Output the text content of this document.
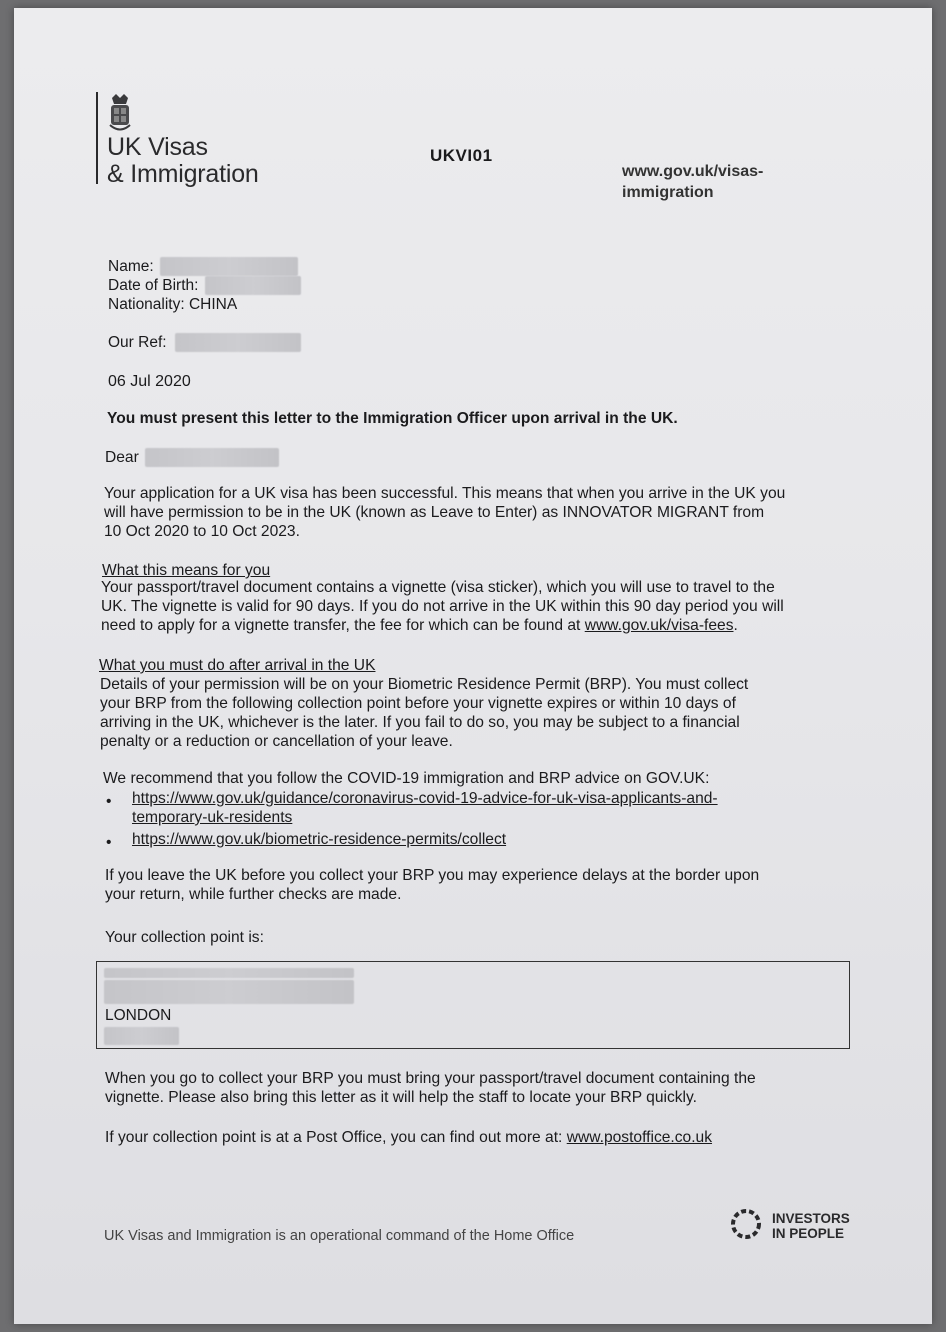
UK Visas
& Immigration
UKVI01
www.gov.uk/visas-
immigration
Name:
Date of Birth:
Nationality: CHINA
Our Ref:
06 Jul 2020
You must present this letter to the Immigration Officer upon arrival in the UK.
Dear
Your application for a UK visa has been successful. This means that when you arrive in the UK you
will have permission to be in the UK (known as Leave to Enter) as INNOVATOR MIGRANT from
10 Oct 2020 to 10 Oct 2023.
What this means for you
Your passport/travel document contains a vignette (visa sticker), which you will use to travel to the
UK. The vignette is valid for 90 days. If you do not arrive in the UK within this 90 day period you will
need to apply for a vignette transfer, the fee for which can be found at www.gov.uk/visa-fees.
What you must do after arrival in the UK
Details of your permission will be on your Biometric Residence Permit (BRP). You must collect
your BRP from the following collection point before your vignette expires or within 10 days of
arriving in the UK, whichever is the later. If you fail to do so, you may be subject to a financial
penalty or a reduction or cancellation of your leave.
We recommend that you follow the COVID-19 immigration and BRP advice on GOV.UK:
• https://www.gov.uk/guidance/coronavirus-covid-19-advice-for-uk-visa-applicants-and-
temporary-uk-residents
• https://www.gov.uk/biometric-residence-permits/collect
If you leave the UK before you collect your BRP you may experience delays at the border upon
your return, while further checks are made.
Your collection point is:
LONDON
When you go to collect your BRP you must bring your passport/travel document containing the
vignette. Please also bring this letter as it will help the staff to locate your BRP quickly.
If your collection point is at a Post Office, you can find out more at: www.postoffice.co.uk
UK Visas and Immigration is an operational command of the Home Office
INVESTORS
IN PEOPLE
